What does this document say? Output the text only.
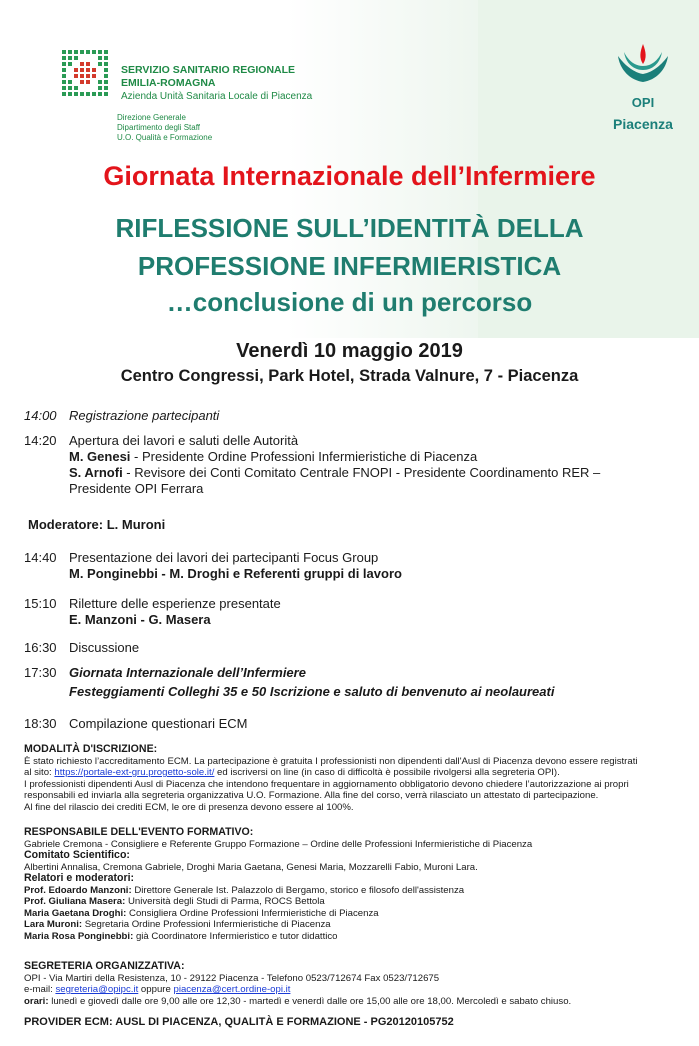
SERVIZIO SANITARIO REGIONALE
EMILIA-ROMAGNA
Azienda Unità Sanitaria Locale di Piacenza
Direzione Generale
Dipartimento degli Staff
U.O. Qualità e Formazione
OPI
Piacenza
Giornata Internazionale dell’Infermiere
RIFLESSIONE SULL’IDENTITÀ DELLA
PROFESSIONE INFERMIERISTICA
…conclusione di un percorso
Venerdì 10 maggio 2019
Centro Congressi, Park Hotel, Strada Valnure, 7 - Piacenza
14:00 Registrazione partecipanti
14:20 Apertura dei lavori e saluti delle Autorità
M. Genesi - Presidente Ordine Professioni Infermieristiche di Piacenza
S. Arnofi - Revisore dei Conti Comitato Centrale FNOPI - Presidente Coordinamento RER –
Presidente OPI Ferrara
Moderatore: L. Muroni
14:40 Presentazione dei lavori dei partecipanti Focus Group
M. Ponginebbi - M. Droghi e Referenti gruppi di lavoro
15:10 Riletture delle esperienze presentate
E. Manzoni - G. Masera
16:30 Discussione
17:30 Giornata Internazionale dell’Infermiere
Festeggiamenti Colleghi 35 e 50 Iscrizione e saluto di benvenuto ai neolaureati
18:30 Compilazione questionari ECM
MODALITÀ D'ISCRIZIONE:
È stato richiesto l’accreditamento ECM. La partecipazione è gratuita I professionisti non dipendenti dall'Ausl di Piacenza devono essere registrati
al sito: https://portale-ext-gru.progetto-sole.it/ ed iscriversi on line (in caso di difficoltà è possibile rivolgersi alla segreteria OPI).
I professionisti dipendenti Ausl di Piacenza che intendono frequentare in aggiornamento obbligatorio devono chiedere l’autorizzazione ai propri
responsabili ed inviarla alla segreteria organizzativa U.O. Formazione. Alla fine del corso, verrà rilasciato un attestato di partecipazione.
Al fine del rilascio dei crediti ECM, le ore di presenza devono essere al 100%.
RESPONSABILE DELL'EVENTO FORMATIVO:
Gabriele Cremona - Consigliere e Referente Gruppo Formazione – Ordine delle Professioni Infermieristiche di Piacenza
Comitato Scientifico:
Albertini Annalisa, Cremona Gabriele, Droghi Maria Gaetana, Genesi Maria, Mozzarelli Fabio, Muroni Lara.
Relatori e moderatori:
Prof. Edoardo Manzoni: Direttore Generale Ist. Palazzolo di Bergamo, storico e filosofo dell'assistenza
Prof. Giuliana Masera: Università degli Studi di Parma, ROCS Bettola
Maria Gaetana Droghi: Consigliera Ordine Professioni Infermieristiche di Piacenza
Lara Muroni: Segretaria Ordine Professioni Infermieristiche di Piacenza
Maria Rosa Ponginebbi: già Coordinatore Infermieristico e tutor didattico
SEGRETERIA ORGANIZZATIVA:
OPI - Via Martiri della Resistenza, 10 - 29122 Piacenza - Telefono 0523/712674 Fax 0523/712675
e-mail: segreteria@opipc.it oppure piacenza@cert.ordine-opi.it
orari: lunedì e giovedì dalle ore 9,00 alle ore 12,30 - martedì e venerdì dalle ore 15,00 alle ore 18,00. Mercoledì e sabato chiuso.
PROVIDER ECM: AUSL DI PIACENZA, QUALITÀ E FORMAZIONE - PG20120105752
